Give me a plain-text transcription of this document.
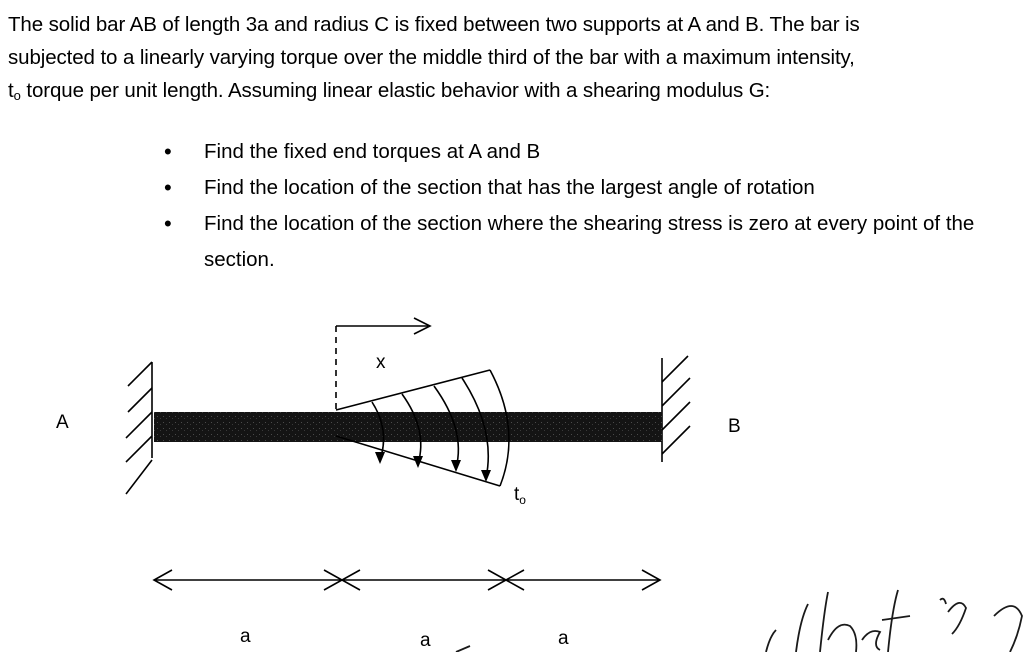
The solid bar AB of length 3a and radius C is fixed between two supports at A and B. The bar is
subjected to a linearly varying torque over the middle third of the bar with a maximum intensity,
$t_o$ torque per unit length. Assuming linear elastic behavior with a shearing modulus G:
• Find the fixed end torques at A and B
• Find the location of the section that has the largest angle of rotation
• Find the location of the section where the shearing stress is zero at every point of the section.
x
$t_o$
A	B
a	a	a
